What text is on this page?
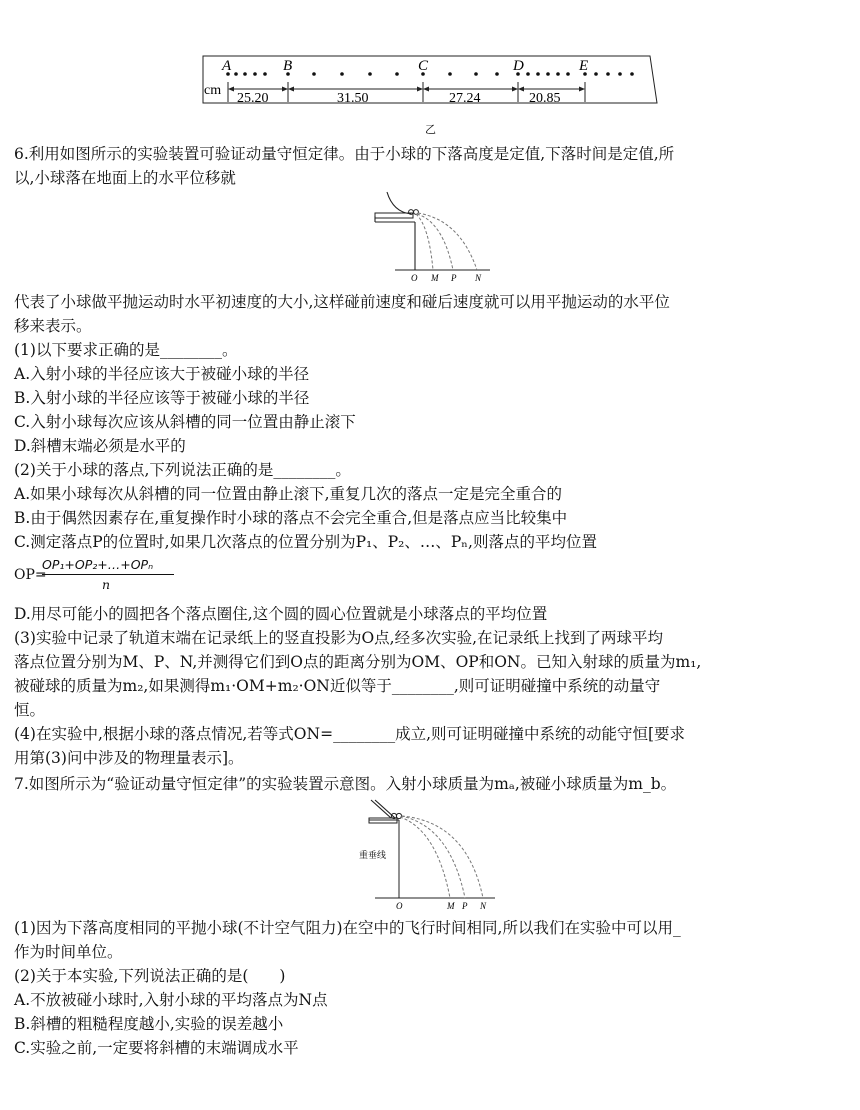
A	B	C	D	E
cm
25.20	31.50	27.24	20.85
乙
6.利用如图所示的实验装置可验证动量守恒定律。由于小球的下落高度是定值,下落时间是定值,所
以,小球落在地面上的水平位移就
O M P N
代表了小球做平抛运动时水平初速度的大小,这样碰前速度和碰后速度就可以用平抛运动的水平位
移来表示。
(1)以下要求正确的是________。
A.入射小球的半径应该大于被碰小球的半径
B.入射小球的半径应该等于被碰小球的半径
C.入射小球每次应该从斜槽的同一位置由静止滚下
D.斜槽末端必须是水平的
(2)关于小球的落点,下列说法正确的是________。
A.如果小球每次从斜槽的同一位置由静止滚下,重复几次的落点一定是完全重合的
B.由于偶然因素存在,重复操作时小球的落点不会完全重合,但是落点应当比较集中
C.测定落点P的位置时,如果几次落点的位置分别为P₁、P₂、…、Pₙ,则落点的平均位置
OP=
OP₁+OP₂+…+OPₙ
n
D.用尽可能小的圆把各个落点圈住,这个圆的圆心位置就是小球落点的平均位置
(3)实验中记录了轨道末端在记录纸上的竖直投影为O点,经多次实验,在记录纸上找到了两球平均
落点位置分别为M、P、N,并测得它们到O点的距离分别为OM、OP和ON。已知入射球的质量为m₁,
被碰球的质量为m₂,如果测得m₁·OM+m₂·ON近似等于________,则可证明碰撞中系统的动量守
恒。
(4)在实验中,根据小球的落点情况,若等式ON=________成立,则可证明碰撞中系统的动能守恒[要求
用第(3)问中涉及的物理量表示]。
7.如图所示为“验证动量守恒定律”的实验装置示意图。入射小球质量为mₐ,被碰小球质量为m_b。
重垂线
O	M P N
(1)因为下落高度相同的平抛小球(不计空气阻力)在空中的飞行时间相同,所以我们在实验中可以用_
作为时间单位。
(2)关于本实验,下列说法正确的是(　　)
A.不放被碰小球时,入射小球的平均落点为N点
B.斜槽的粗糙程度越小,实验的误差越小
C.实验之前,一定要将斜槽的末端调成水平
